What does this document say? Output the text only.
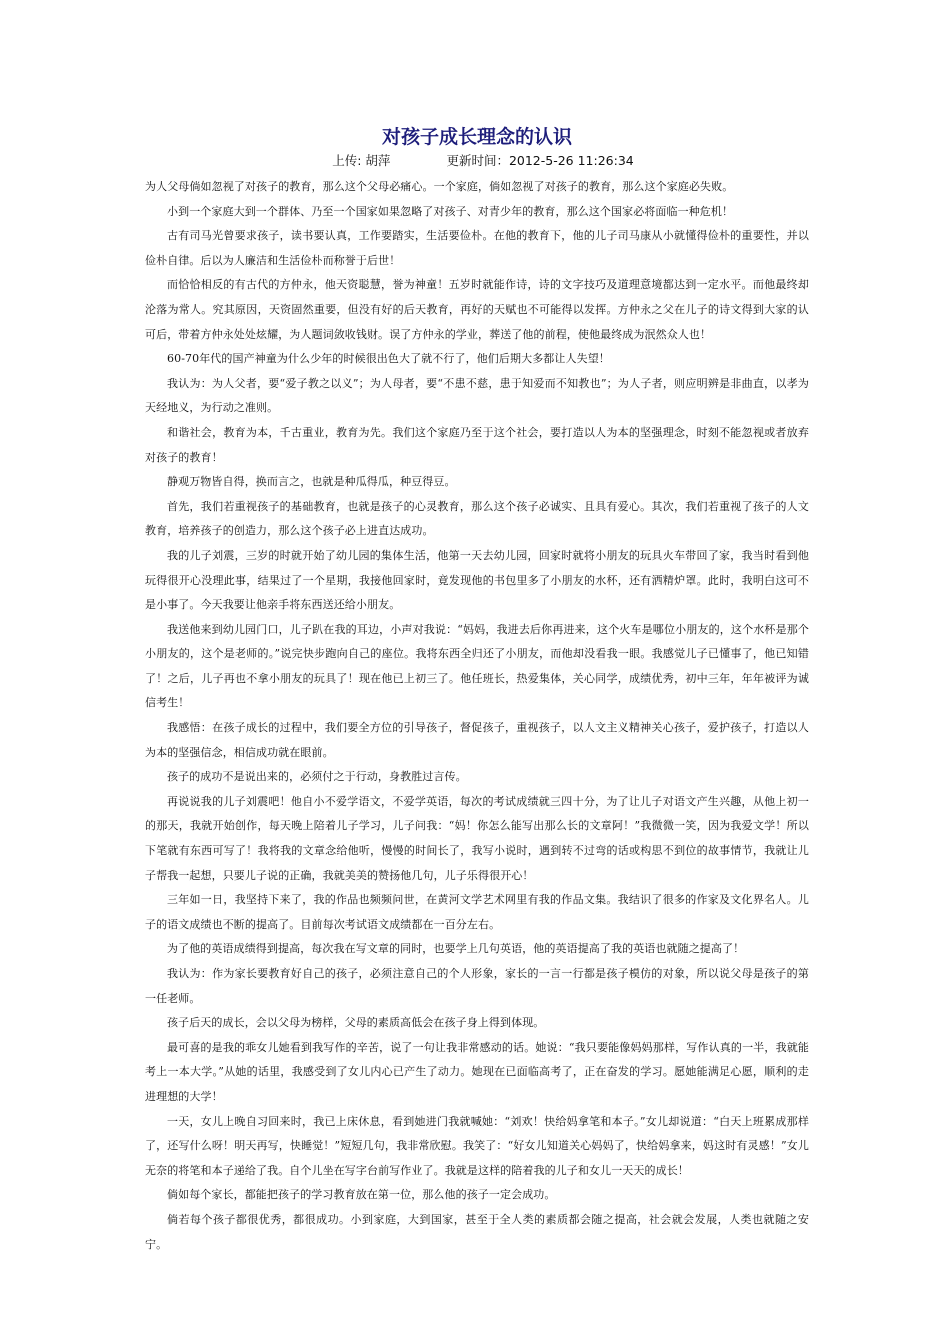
对孩子成长理念的认识
上传: 胡萍	更新时间：2012-5-26 11:26:34

为人父母倘如忽视了对孩子的教育，那么这个父母必痛心。一个家庭，倘如忽视了对孩子的教育，那么这个家庭必失败。

小到一个家庭大到一个群体、乃至一个国家如果忽略了对孩子、对青少年的教育，那么这个国家必将面临一种危机！

古有司马光曾要求孩子，读书要认真，工作要踏实，生活要俭朴。在他的教育下，他的儿子司马康从小就懂得俭朴的重要性，并以俭朴自律。后以为人廉洁和生活俭朴而称誉于后世！

而恰恰相反的有古代的方仲永，他天资聪慧，誉为神童！五岁时就能作诗，诗的文字技巧及道理意境都达到一定水平。而他最终却沦落为常人。究其原因，天资固然重要，但没有好的后天教育，再好的天赋也不可能得以发挥。方仲永之父在儿子的诗文得到大家的认可后，带着方仲永处处炫耀，为人题词敛收钱财。误了方仲永的学业，葬送了他的前程，使他最终成为泯然众人也！

60-70年代的国产神童为什么少年的时候很出色大了就不行了，他们后期大多都让人失望！

我认为：为人父者，要“爱子教之以义”；为人母者，要“不患不慈，患于知爱而不知教也”；为人子者，则应明辨是非曲直，以孝为天经地义，为行动之准则。

和谐社会，教育为本，千古重业，教育为先。我们这个家庭乃至于这个社会，要打造以人为本的坚强理念，时刻不能忽视或者放弃对孩子的教育！

静观万物皆自得，换而言之，也就是种瓜得瓜，种豆得豆。

首先，我们若重视孩子的基础教育，也就是孩子的心灵教育，那么这个孩子必诚实、且具有爱心。其次，我们若重视了孩子的人文教育，培养孩子的创造力，那么这个孩子必上进直达成功。

我的儿子刘震，三岁的时就开始了幼儿园的集体生活，他第一天去幼儿园，回家时就将小朋友的玩具火车带回了家，我当时看到他玩得很开心没理此事，结果过了一个星期，我接他回家时，竟发现他的书包里多了小朋友的水杯，还有洒精炉罩。此时，我明白这可不是小事了。今天我要让他亲手将东西送还给小朋友。

我送他来到幼儿园门口，儿子趴在我的耳边，小声对我说：“妈妈，我进去后你再进来，这个火车是哪位小朋友的，这个水杯是那个小朋友的，这个是老师的。”说完快步跑向自己的座位。我将东西全归还了小朋友，而他却没看我一眼。我感觉儿子已懂事了，他已知错了！之后，儿子再也不拿小朋友的玩具了！现在他已上初三了。他任班长，热爱集体，关心同学，成绩优秀，初中三年，年年被评为诚信考生！

我感悟：在孩子成长的过程中，我们要全方位的引导孩子，督促孩子，重视孩子，以人文主义精神关心孩子，爱护孩子，打造以人为本的坚强信念，相信成功就在眼前。

孩子的成功不是说出来的，必须付之于行动，身教胜过言传。

再说说我的儿子刘震吧！他自小不爱学语文，不爱学英语，每次的考试成绩就三四十分，为了让儿子对语文产生兴趣，从他上初一的那天，我就开始创作，每天晚上陪着儿子学习，儿子问我：“妈！你怎么能写出那么长的文章阿！”我微微一笑，因为我爱文学！所以下笔就有东西可写了！我将我的文章念给他听，慢慢的时间长了，我写小说时，遇到转不过弯的话或构思不到位的故事情节，我就让儿子帮我一起想，只要儿子说的正确，我就美美的赞扬他几句，儿子乐得很开心！

三年如一日，我坚持下来了，我的作品也频频问世，在黄河文学艺术网里有我的作品文集。我结识了很多的作家及文化界名人。儿子的语文成绩也不断的提高了。目前每次考试语文成绩都在一百分左右。

为了他的英语成绩得到提高，每次我在写文章的同时，也要学上几句英语，他的英语提高了我的英语也就随之提高了！

我认为：作为家长要教育好自己的孩子，必须注意自己的个人形象，家长的一言一行都是孩子模仿的对象，所以说父母是孩子的第一任老师。

孩子后天的成长，会以父母为榜样，父母的素质高低会在孩子身上得到体现。

最可喜的是我的乖女儿她看到我写作的辛苦，说了一句让我非常感动的话。她说：“我只要能像妈妈那样，写作认真的一半，我就能考上一本大学。”从她的话里，我感受到了女儿内心已产生了动力。她现在已面临高考了，正在奋发的学习。愿她能满足心愿，顺利的走进理想的大学！

一天，女儿上晚自习回来时，我已上床休息，看到她进门我就喊她：“刘欢！快给妈拿笔和本子。”女儿却说道：“白天上班累成那样了，还写什么呀！明天再写，快睡觉！”短短几句，我非常欣慰。我笑了：“好女儿知道关心妈妈了，快给妈拿来，妈这时有灵感！”女儿无奈的将笔和本子递给了我。自个儿坐在写字台前写作业了。我就是这样的陪着我的儿子和女儿一天天的成长！

倘如每个家长，都能把孩子的学习教育放在第一位，那么他的孩子一定会成功。

倘若每个孩子都很优秀，都很成功。小到家庭，大到国家，甚至于全人类的素质都会随之提高，社会就会发展，人类也就随之安宁。
